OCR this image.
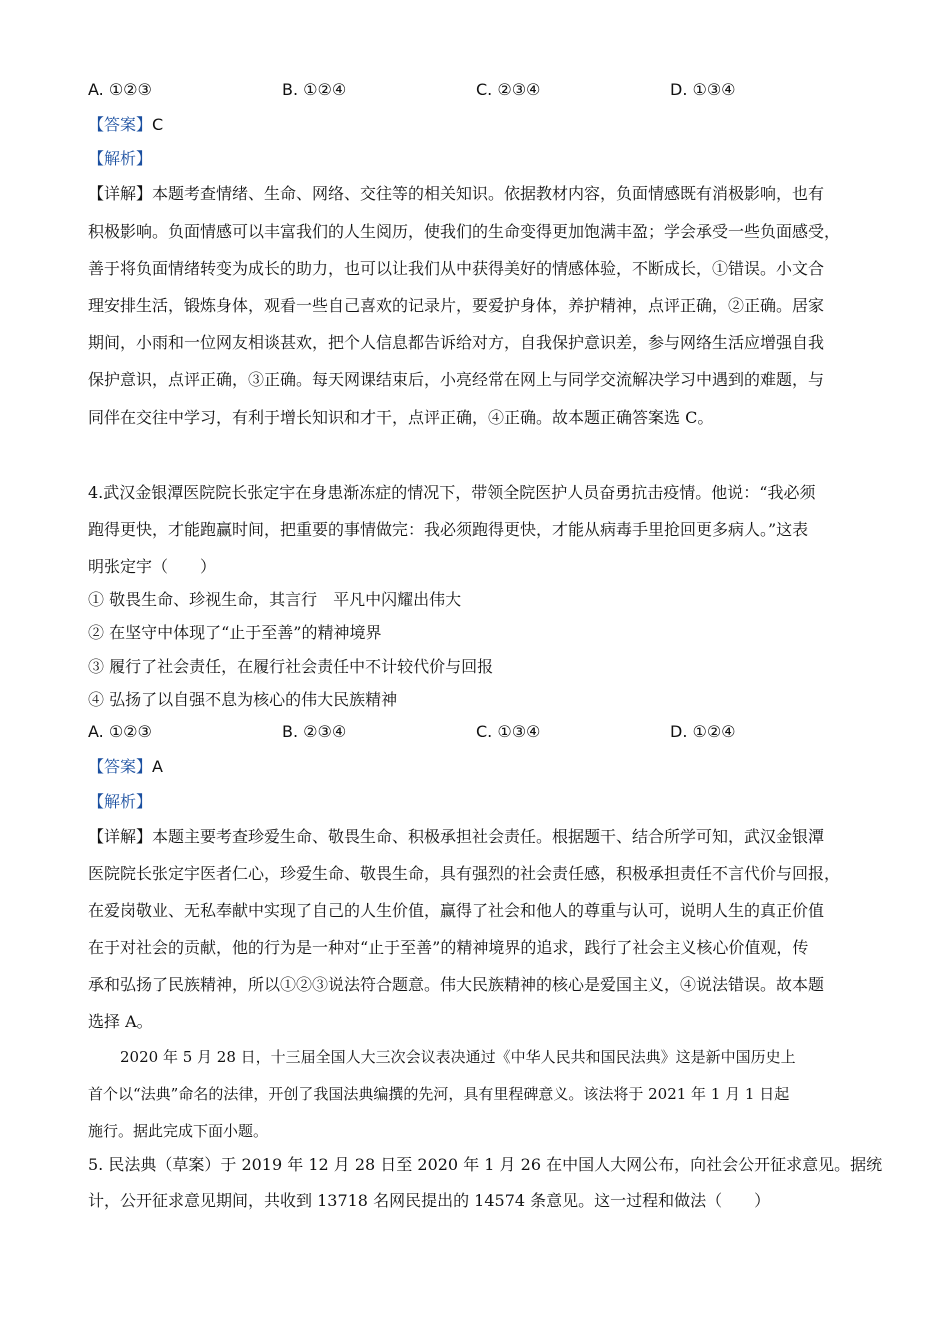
A. ①②③	B. ①②④	C. ②③④	D. ①③④
【答案】C
【解析】
【详解】本题考查情绪、生命、网络、交往等的相关知识。依据教材内容，负面情感既有消极影响，也有
积极影响。负面情感可以丰富我们的人生阅历，使我们的生命变得更加饱满丰盈；学会承受一些负面感受，
善于将负面情绪转变为成长的助力，也可以让我们从中获得美好的情感体验，不断成长，①错误。小文合
理安排生活，锻炼身体，观看一些自己喜欢的记录片，要爱护身体，养护精神，点评正确，②正确。居家
期间，小雨和一位网友相谈甚欢，把个人信息都告诉给对方，自我保护意识差，参与网络生活应增强自我
保护意识，点评正确，③正确。每天网课结束后，小亮经常在网上与同学交流解决学习中遇到的难题，与
同伴在交往中学习，有利于增长知识和才干，点评正确，④正确。故本题正确答案选 C。
4.武汉金银潭医院院长张定宇在身患渐冻症的情况下，带领全院医护人员奋勇抗击疫情。他说：“我必须
跑得更快，才能跑赢时间，把重要的事情做完：我必须跑得更快，才能从病毒手里抢回更多病人。”这表
明张定宇（　　）
① 敬畏生命、珍视生命，其言行　平凡中闪耀出伟大
② 在坚守中体现了“止于至善”的精神境界
③ 履行了社会责任，在履行社会责任中不计较代价与回报
④ 弘扬了以自强不息为核心的伟大民族精神
A. ①②③	B. ②③④	C. ①③④	D. ①②④
【答案】A
【解析】
【详解】本题主要考查珍爱生命、敬畏生命、积极承担社会责任。根据题干、结合所学可知，武汉金银潭
医院院长张定宇医者仁心，珍爱生命、敬畏生命，具有强烈的社会责任感，积极承担责任不言代价与回报，
在爱岗敬业、无私奉献中实现了自己的人生价值，赢得了社会和他人的尊重与认可，说明人生的真正价值
在于对社会的贡献，他的行为是一种对“止于至善”的精神境界的追求，践行了社会主义核心价值观，传
承和弘扬了民族精神，所以①②③说法符合题意。伟大民族精神的核心是爱国主义，④说法错误。故本题
选择 A。
2020 年 5 月 28 日，十三届全国人大三次会议表决通过《中华人民共和国民法典》这是新中国历史上
首个以“法典”命名的法律，开创了我国法典编撰的先河，具有里程碑意义。该法将于 2021 年 1 月 1 日起
施行。据此完成下面小题。
5. 民法典（草案）于 2019 年 12 月 28 日至 2020 年 1 月 26 在中国人大网公布，向社会公开征求意见。据统
计，公开征求意见期间，共收到 13718 名网民提出的 14574 条意见。这一过程和做法（　　）
